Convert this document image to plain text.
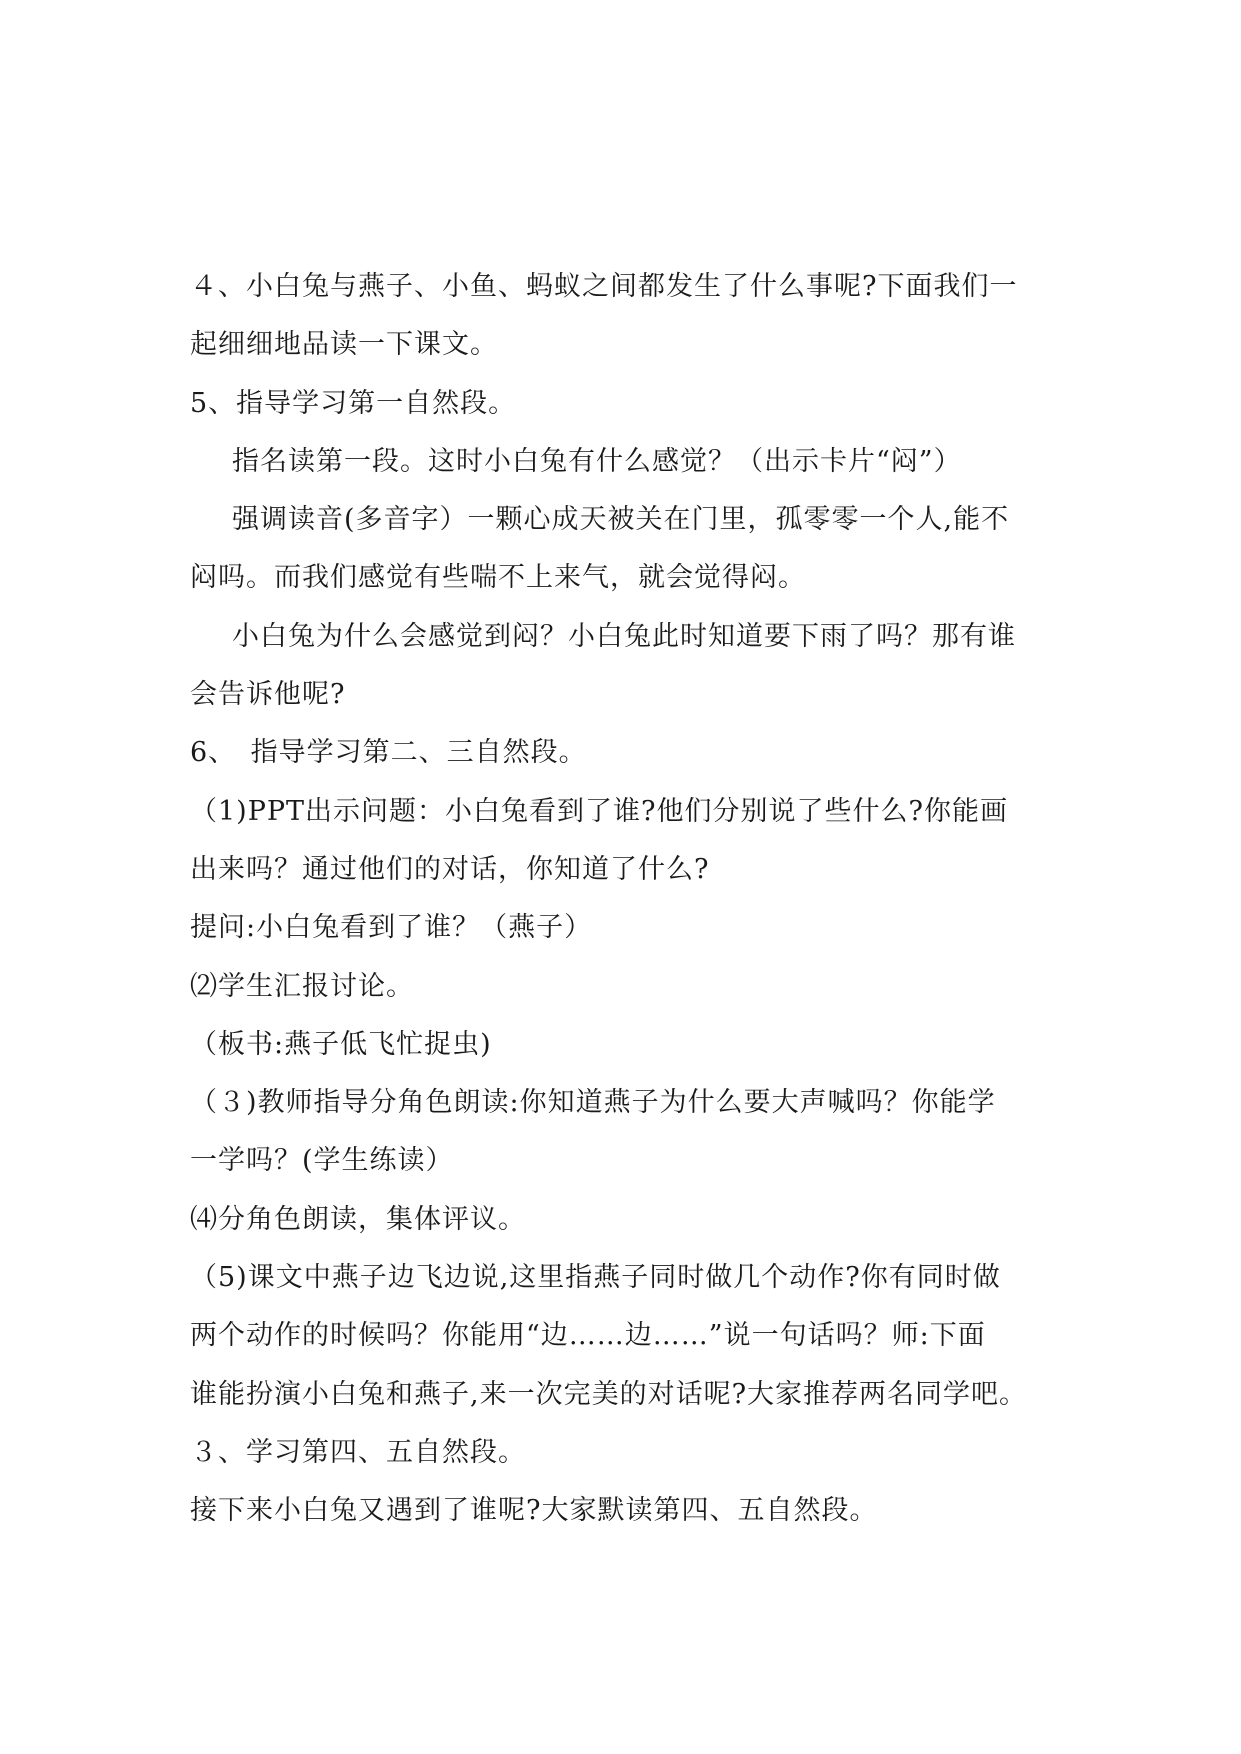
４、小白兔与燕子、小鱼、蚂蚁之间都发生了什么事呢?下面我们一
起细细地品读一下课文。
5、指导学习第一自然段。
指名读第一段。这时小白兔有什么感觉？（出示卡片“闷”）
强调读音(多音字）一颗心成天被关在门里，孤零零一个人,能不
闷吗。而我们感觉有些喘不上来气，就会觉得闷。
小白兔为什么会感觉到闷？小白兔此时知道要下雨了吗？那有谁
会告诉他呢?
6、　指导学习第二、三自然段。
（1)PPT出示问题：小白兔看到了谁?他们分别说了些什么?你能画
出来吗？通过他们的对话，你知道了什么?
提问:小白兔看到了谁？（燕子）
⑵学生汇报讨论。
（板书:燕子低飞忙捉虫)
（３)教师指导分角色朗读:你知道燕子为什么要大声喊吗？你能学
一学吗？(学生练读）
⑷分角色朗读，集体评议。
（5)课文中燕子边飞边说,这里指燕子同时做几个动作?你有同时做
两个动作的时候吗？你能用“边……边……”说一句话吗？师:下面
谁能扮演小白兔和燕子,来一次完美的对话呢?大家推荐两名同学吧。
３、学习第四、五自然段。
接下来小白兔又遇到了谁呢?大家默读第四、五自然段。
